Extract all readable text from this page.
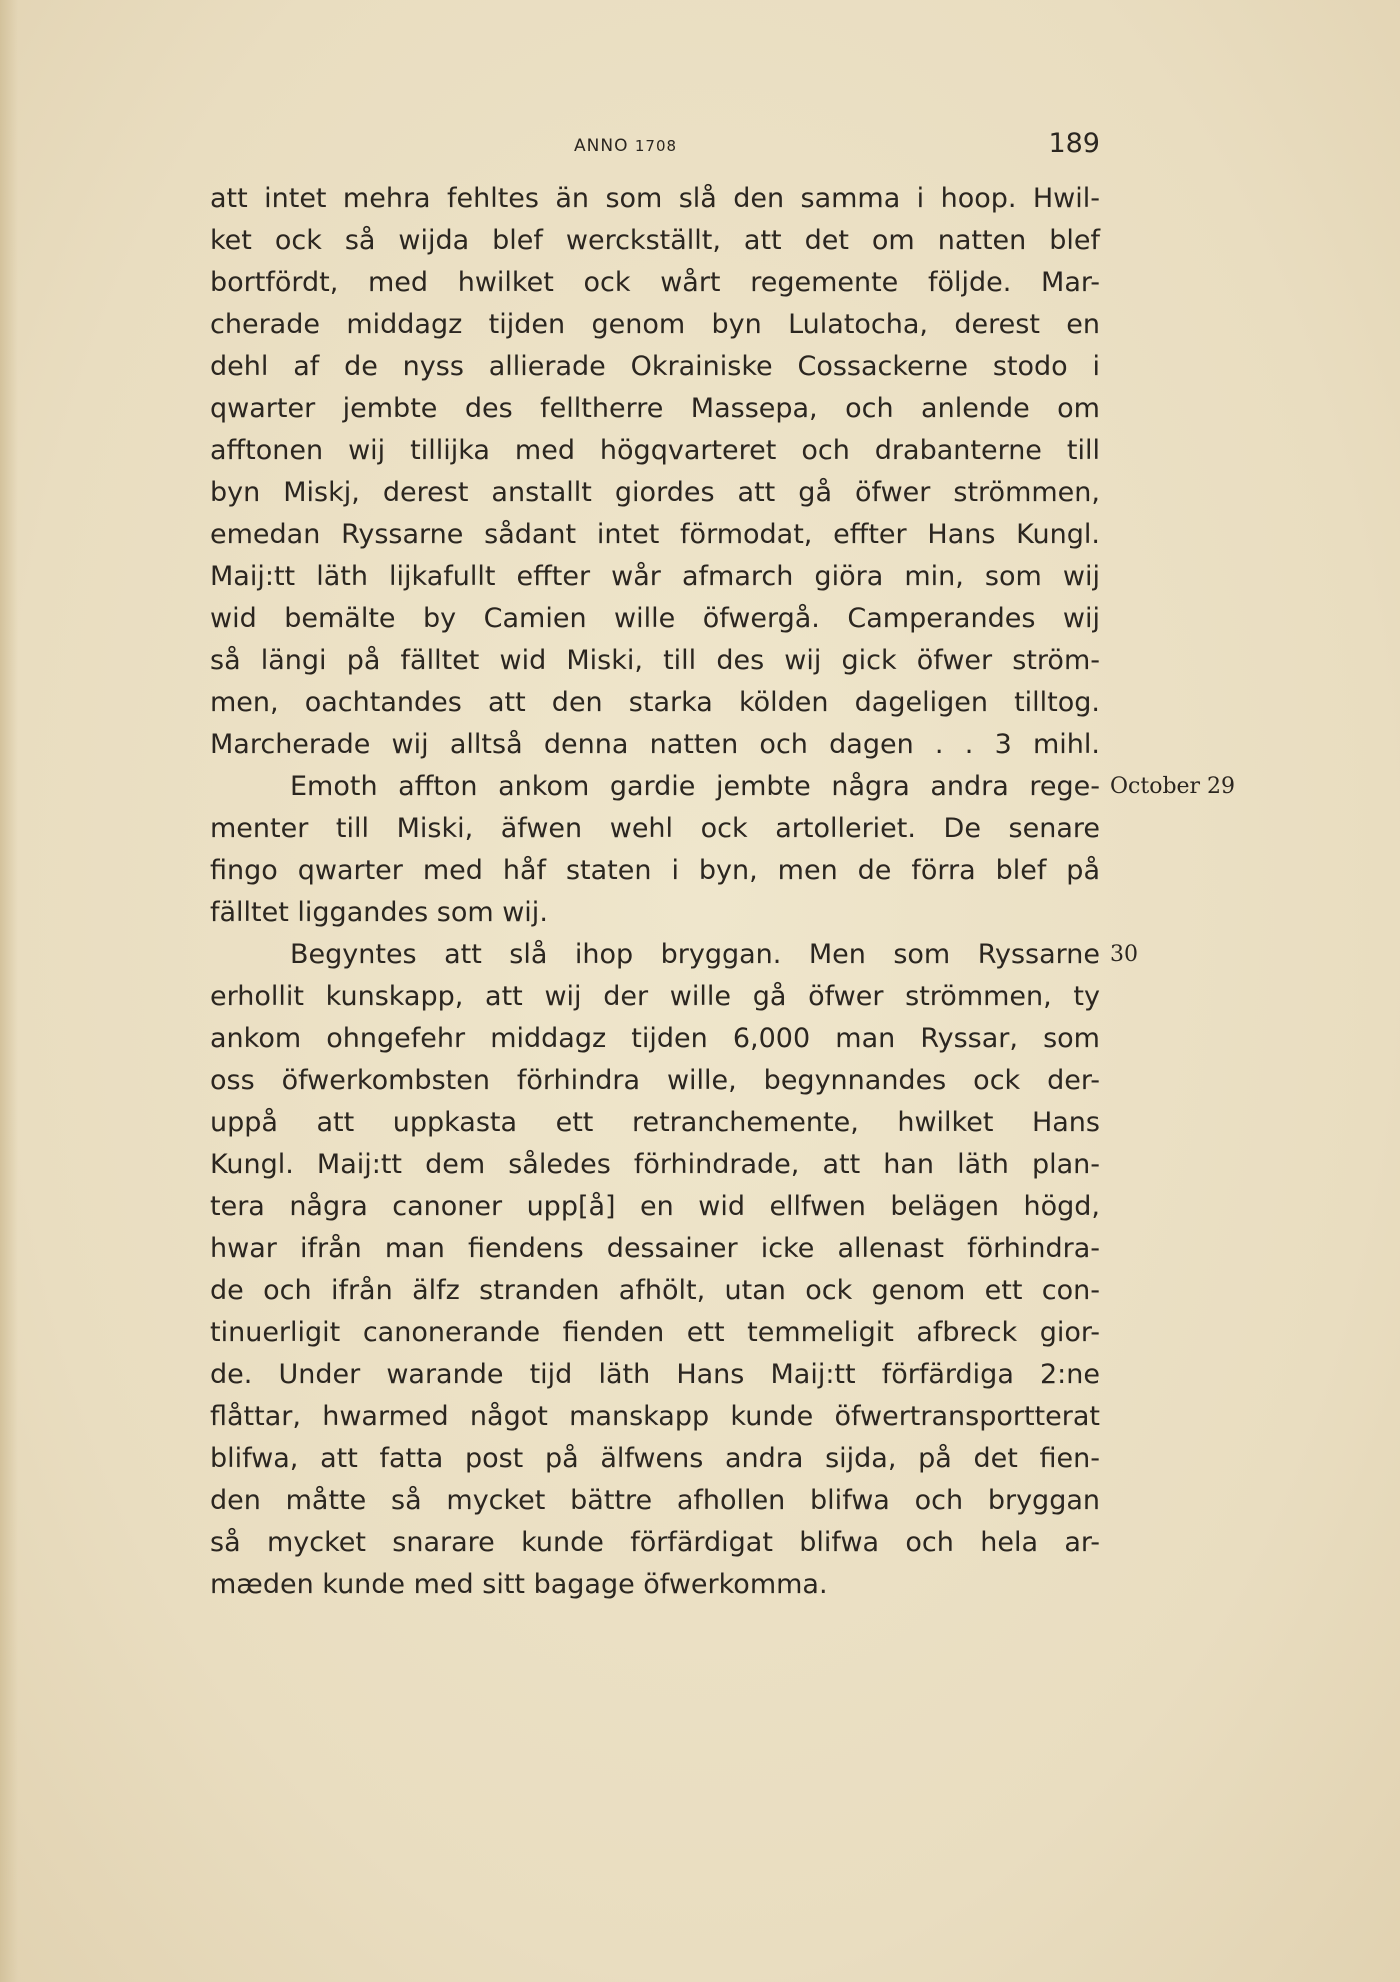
ANNO 1708	189
att intet mehra fehltes än som slå den samma i hoop. Hwil-
ket ock så wijda blef werckställt, att det om natten blef
bortfördt, med hwilket ock wårt regemente följde. Mar-
cherade middagz tijden genom byn Lulatocha, derest en
dehl af de nyss allierade Okrainiske Cossackerne stodo i
qwarter jembte des felltherre Massepa, och anlende om
afftonen wij tillijka med högqvarteret och drabanterne till
byn Miskj, derest anstallt giordes att gå öfwer strömmen,
emedan Ryssarne sådant intet förmodat, effter Hans Kungl.
Maij:tt läth lijkafullt effter wår afmarch giöra min, som wij
wid bemälte by Camien wille öfwergå. Camperandes wij
så längi på fälltet wid Miski, till des wij gick öfwer ström-
men, oachtandes att den starka kölden dageligen tilltog.
Marcherade wij alltså denna natten och dagen . . 3 mihl.
Emoth affton ankom gardie jembte några andra rege- October 29
menter till Miski, äfwen wehl ock artolleriet. De senare
fingo qwarter med håf staten i byn, men de förra blef på
fälltet liggandes som wij.
Begyntes att slå ihop bryggan. Men som Ryssarne 30
erhollit kunskapp, att wij der wille gå öfwer strömmen, ty
ankom ohngefehr middagz tijden 6,000 man Ryssar, som
oss öfwerkombsten förhindra wille, begynnandes ock der-
uppå att uppkasta ett retranchemente, hwilket Hans
Kungl. Maij:tt dem således förhindrade, att han läth plan-
tera några canoner upp[å] en wid ellfwen belägen högd,
hwar ifrån man fiendens dessainer icke allenast förhindra-
de och ifrån älfz stranden afhölt, utan ock genom ett con-
tinuerligit canonerande fienden ett temmeligit afbreck gior-
de. Under warande tijd läth Hans Maij:tt förfärdiga 2:ne
flåttar, hwarmed något manskapp kunde öfwertransportterat
blifwa, att fatta post på älfwens andra sijda, på det fien-
den måtte så mycket bättre afhollen blifwa och bryggan
så mycket snarare kunde förfärdigat blifwa och hela ar-
mæden kunde med sitt bagage öfwerkomma.
